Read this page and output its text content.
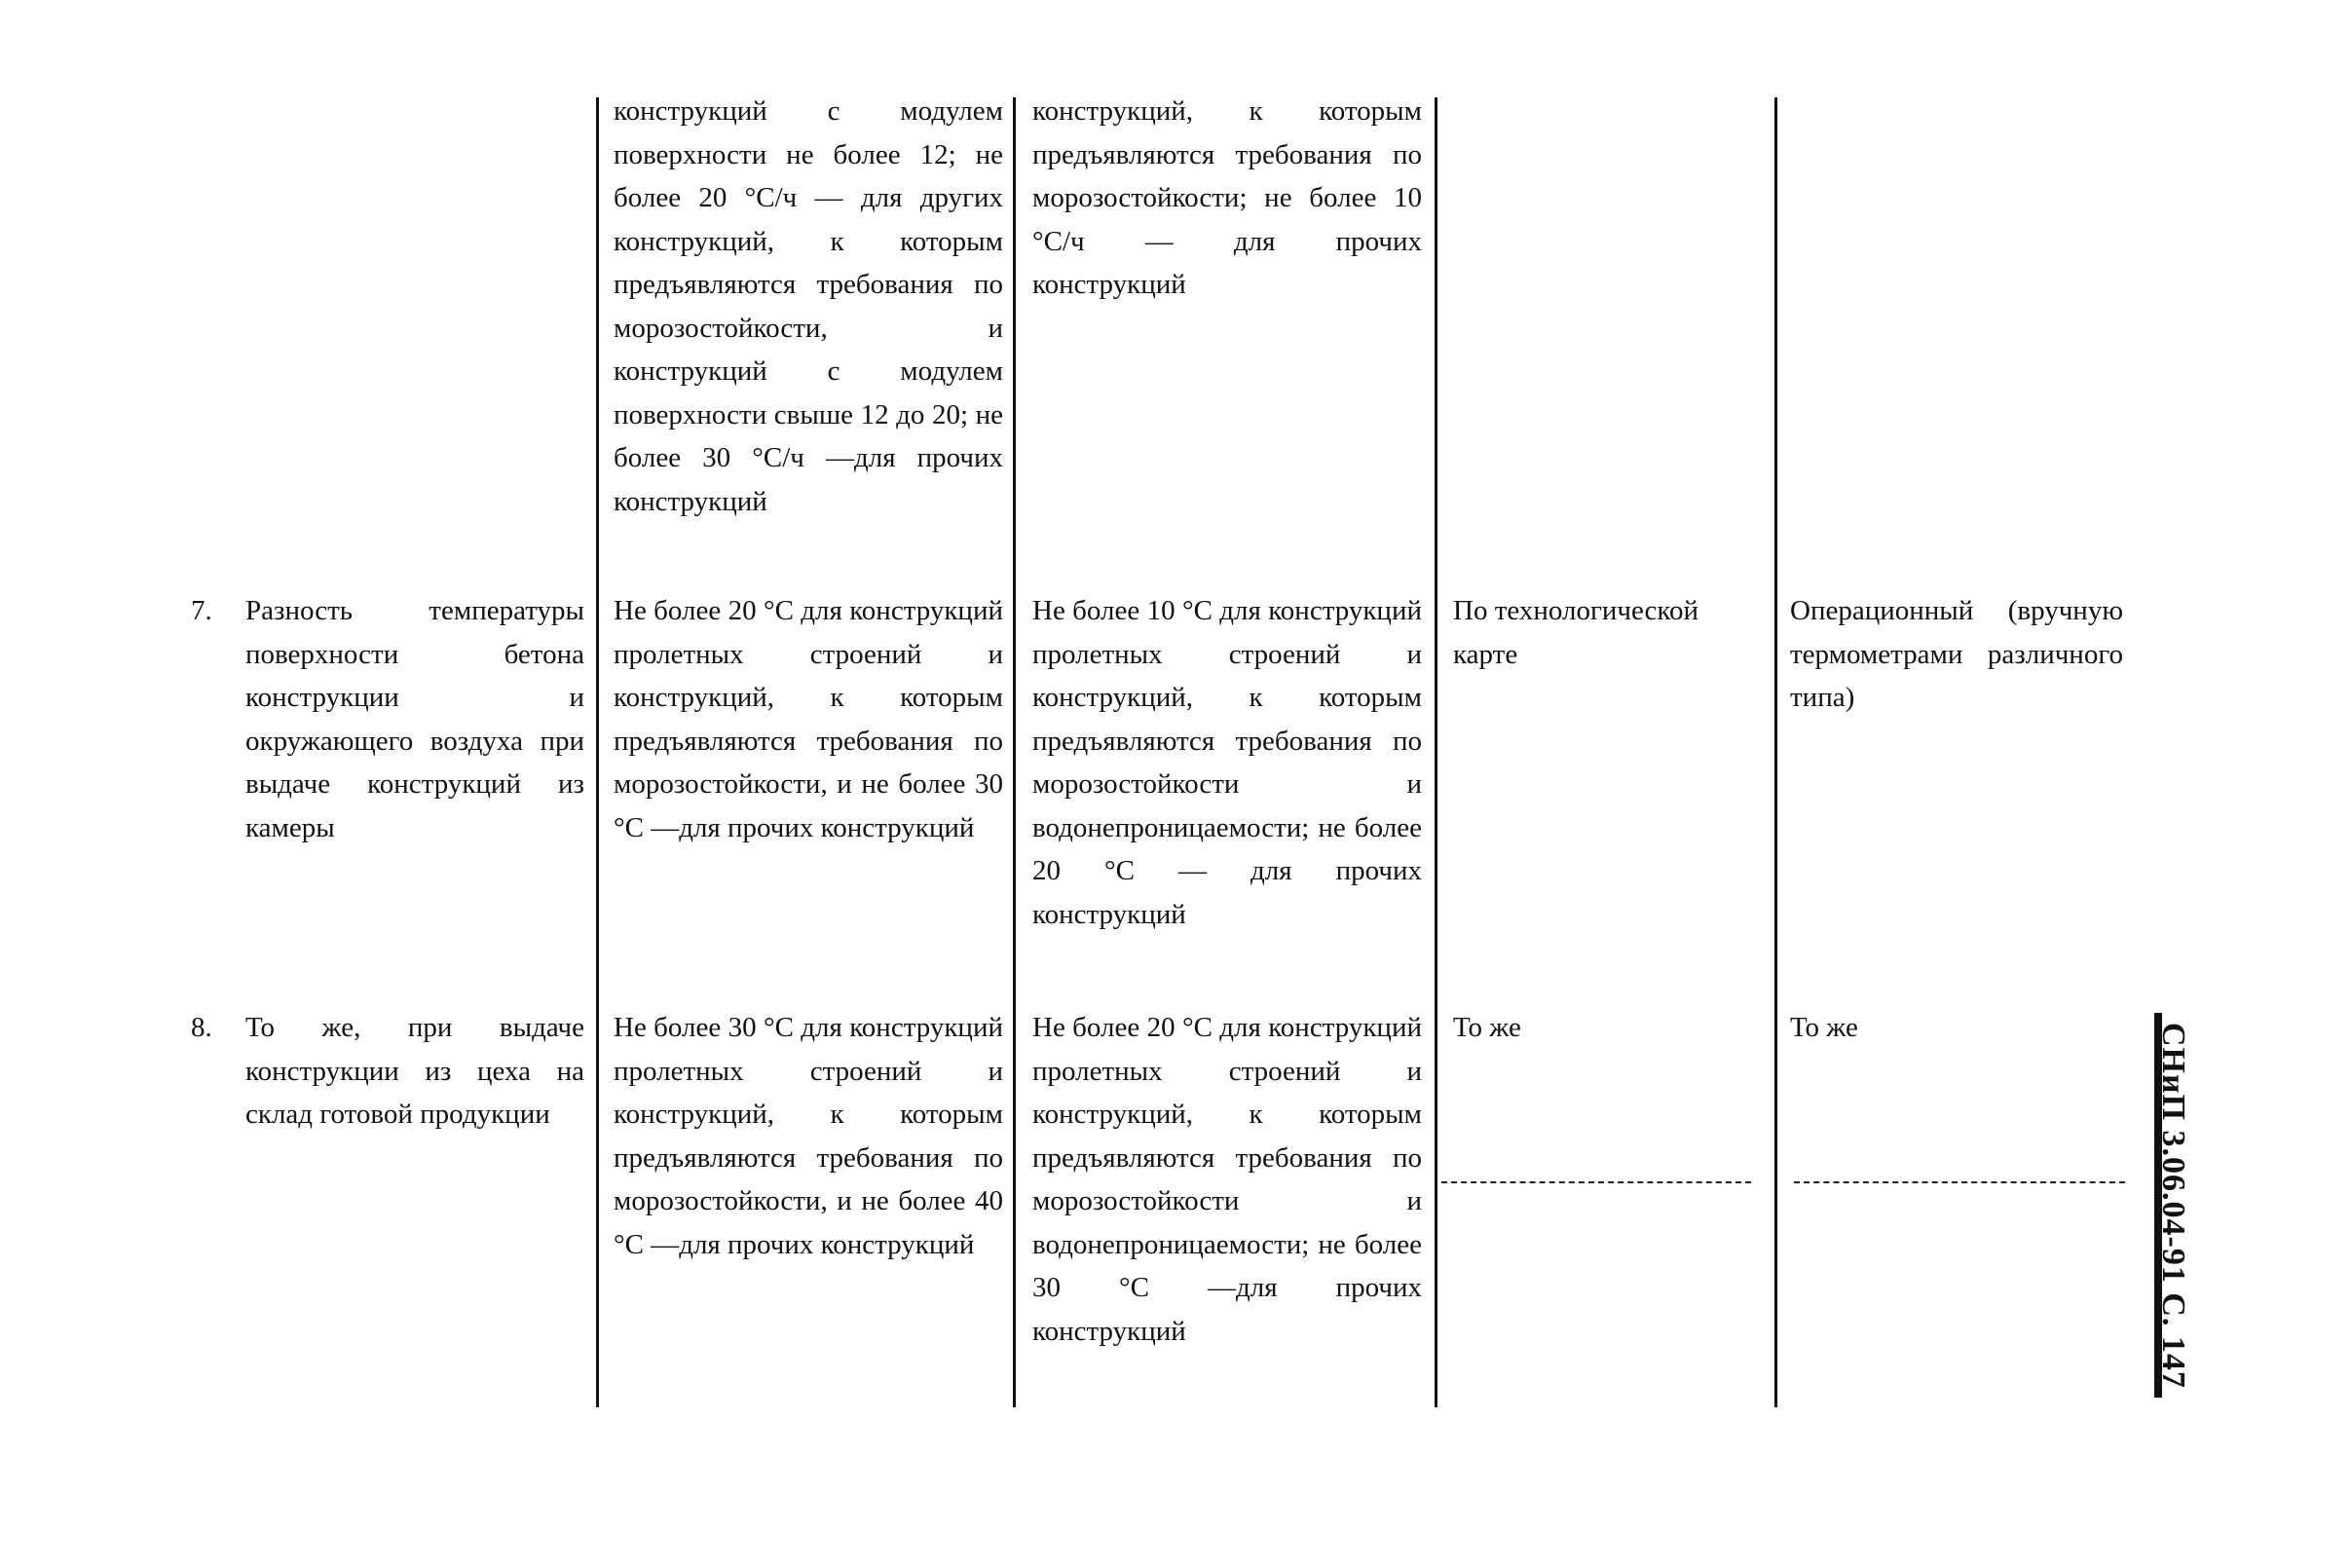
конструкций с модулем поверхности не более 12; не более 20 °С/ч — для других конструкций, к которым предъявляются требования по морозостойкости, и конструкций с модулем поверхности свыше 12 до 20; не более 30 °С/ч —для прочих конструкций
конструкций, к которым предъявляются требования по морозостойкости; не более 10 °С/ч — для прочих конструкций
7. Разность температуры поверхности бетона конструкции и окружающего воздуха при выдаче конструкций из камеры
Не более 20 °С для конструкций пролетных строений и конструкций, к которым предъявляются требования по морозостойкости, и не более 30 °С —для прочих конструкций
Не более 10 °С для конструкций пролетных строений и конструкций, к которым предъявляются требования по морозостойкости и водонепроницаемости; не более 20 °С — для прочих конструкций
По технологической карте
Операционный (вручную термометрами различного типа)
8. То же, при выдаче конструкции из цеха на склад готовой продукции
Не более 30 °С для конструкций пролетных строений и конструкций, к которым предъявляются требования по морозостойкости, и не более 40 °С —для прочих конструкций
Не более 20 °С для конструкций пролетных строений и конструкций, к которым предъявляются требования по морозостойкости и водонепроницаемости; не более 30 °С —для прочих конструкций
То же	То же	СНиП 3.06.04-91 С. 147
